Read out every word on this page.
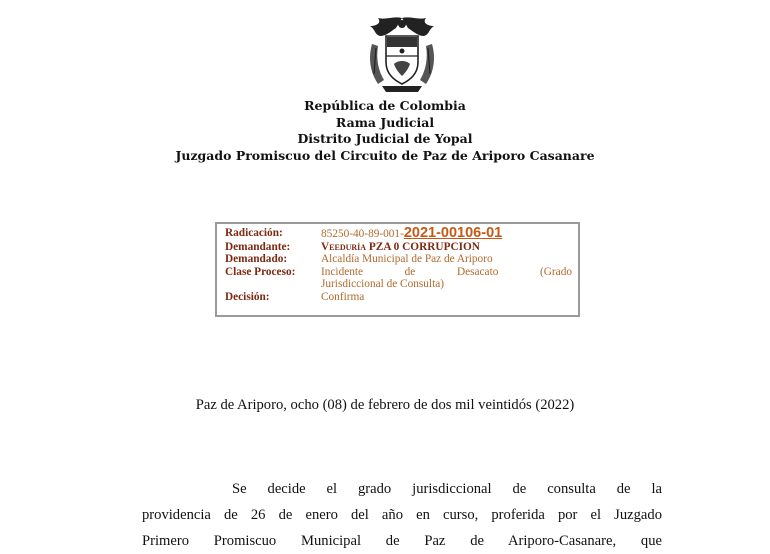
República de Colombia
Rama Judicial
Distrito Judicial de Yopal
Juzgado Promiscuo del Circuito de Paz de Ariporo Casanare
Radicación:	85250-40-89-001-2021-00106-01
Demandante:	Veeduría PZA 0 CORRUPCION
Demandado:	Alcaldía Municipal de Paz de Ariporo
Clase Proceso:	Incidente de Desacato (Grado
Jurisdiccional de Consulta)
Decisión:	Confirma
Paz de Ariporo, ocho (08) de febrero de dos mil veintidós (2022)
Se decide el grado jurisdiccional de consulta de la
providencia de 26 de enero del año en curso, proferida por el Juzgado
Primero Promiscuo Municipal de Paz de Ariporo-Casanare, que
